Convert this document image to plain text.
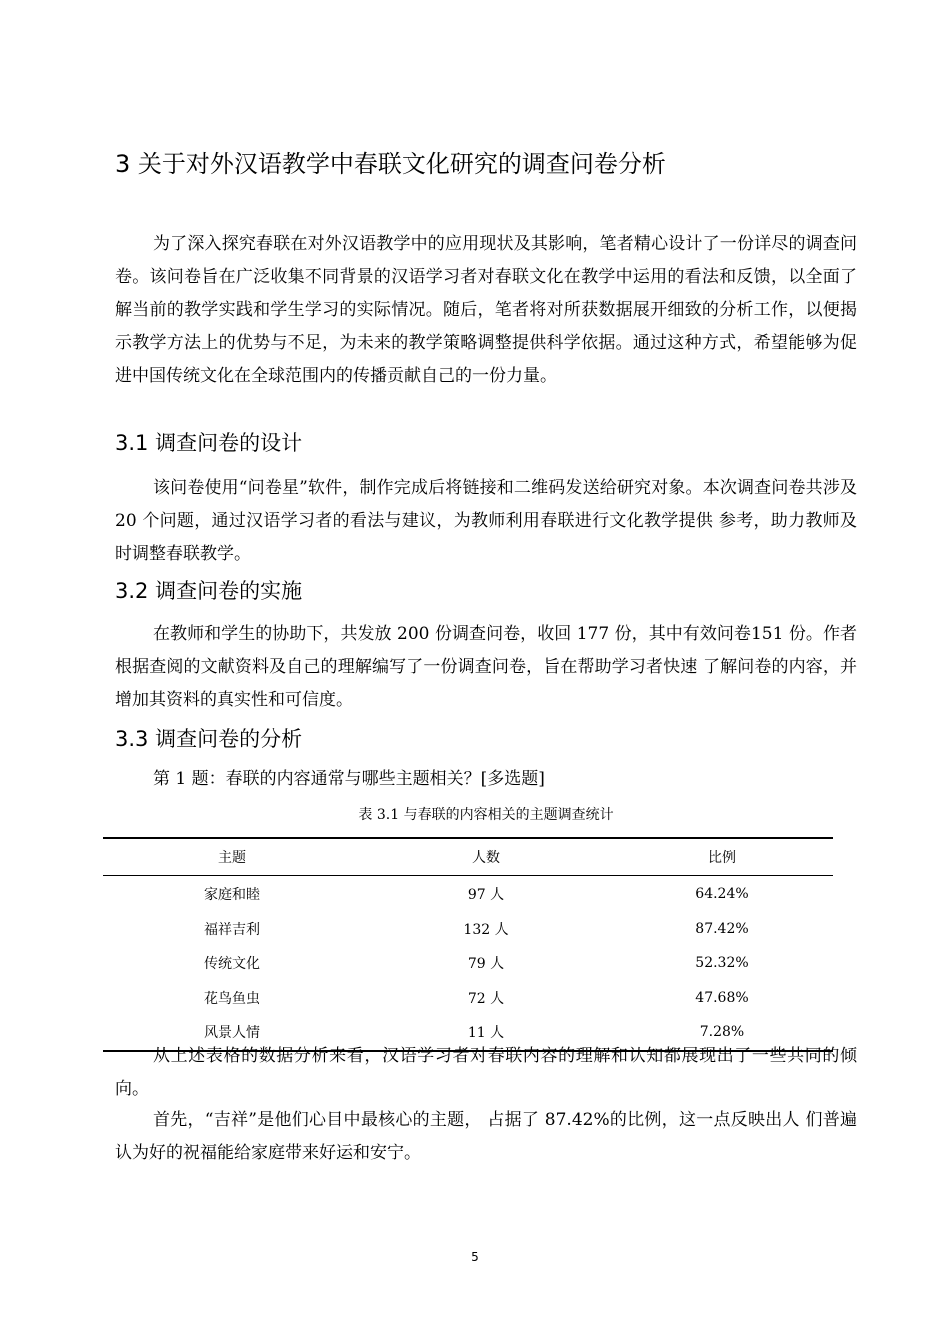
3 关于对外汉语教学中春联文化研究的调查问卷分析

为了深入探究春联在对外汉语教学中的应用现状及其影响，笔者精心设计了一份详尽的调查问卷。该问卷旨在广泛收集不同背景的汉语学习者对春联文化在教学中运用的看法和反馈，以全面了解当前的教学实践和学生学习的实际情况。随后，笔者将对所获数据展开细致的分析工作，以便揭示教学方法上的优势与不足，为未来的教学策略调整提供科学依据。通过这种方式，希望能够为促进中国传统文化在全球范围内的传播贡献自己的一份力量。

3.1 调查问卷的设计

该问卷使用“问卷星”软件，制作完成后将链接和二维码发送给研究对象。本次调查问卷共涉及 20 个问题，通过汉语学习者的看法与建议，为教师利用春联进行文化教学提供 参考，助力教师及时调整春联教学。

3.2 调查问卷的实施

在教师和学生的协助下，共发放 200 份调查问卷，收回 177 份，其中有效问卷151 份。作者根据查阅的文献资料及自己的理解编写了一份调查问卷，旨在帮助学习者快速 了解问卷的内容，并增加其资料的真实性和可信度。

3.3 调查问卷的分析
第 1 题：春联的内容通常与哪些主题相关？[多选题]
表 3.1 与春联的内容相关的主题调查统计
主题	人数	比例
家庭和睦	97 人	64.24%
福祥吉利	132 人	87.42%
传统文化	79 人	52.32%
花鸟鱼虫	72 人	47.68%
风景人情	11 人	7.28%

从上述表格的数据分析来看，汉语学习者对春联内容的理解和认知都展现出了一些共同的倾向。

首先，“吉祥”是他们心目中最核心的主题， 占据了 87.42%的比例，这一点反映出人 们普遍认为好的祝福能给家庭带来好运和安宁。

5
